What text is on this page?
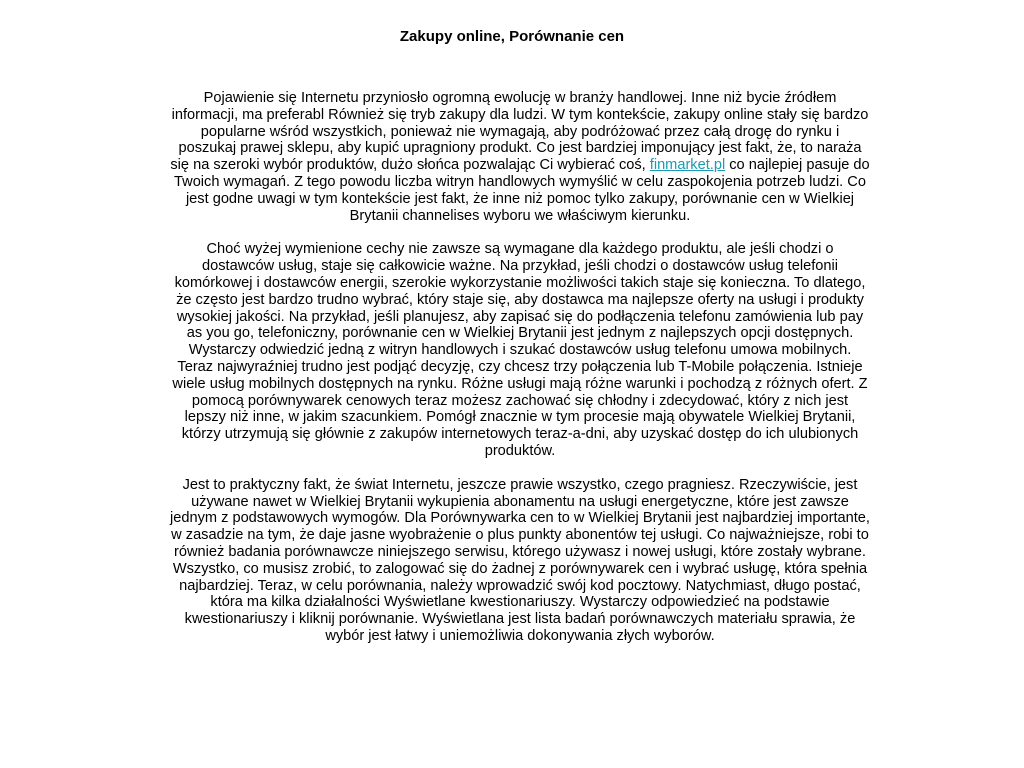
Zakupy online, Porównanie cen

Pojawienie się Internetu przyniosło ogromną ewolucję w branży handlowej. Inne niż bycie źródłem informacji, ma preferabl Również się tryb zakupy dla ludzi. W tym kontekście, zakupy online stały się bardzo popularne wśród wszystkich, ponieważ nie wymagają, aby podróżować przez całą drogę do rynku i poszukaj prawej sklepu, aby kupić upragniony produkt. Co jest bardziej imponujący jest fakt, że, to naraża się na szeroki wybór produktów, dużo słońca pozwalając Ci wybierać coś, finmarket.pl co najlepiej pasuje do Twoich wymagań. Z tego powodu liczba witryn handlowych wymyślić w celu zaspokojenia potrzeb ludzi. Co jest godne uwagi w tym kontekście jest fakt, że inne niż pomoc tylko zakupy, porównanie cen w Wielkiej Brytanii channelises wyboru we właściwym kierunku.

Choć wyżej wymienione cechy nie zawsze są wymagane dla każdego produktu, ale jeśli chodzi o dostawców usług, staje się całkowicie ważne. Na przykład, jeśli chodzi o dostawców usług telefonii komórkowej i dostawców energii, szerokie wykorzystanie możliwości takich staje się konieczna. To dlatego, że często jest bardzo trudno wybrać, który staje się, aby dostawca ma najlepsze oferty na usługi i produkty wysokiej jakości. Na przykład, jeśli planujesz, aby zapisać się do podłączenia telefonu zamówienia lub pay as you go, telefoniczny, porównanie cen w Wielkiej Brytanii jest jednym z najlepszych opcji dostępnych. Wystarczy odwiedzić jedną z witryn handlowych i szukać dostawców usług telefonu umowa mobilnych. Teraz najwyraźniej trudno jest podjąć decyzję, czy chcesz trzy połączenia lub T-Mobile połączenia. Istnieje wiele usług mobilnych dostępnych na rynku. Różne usługi mają różne warunki i pochodzą z różnych ofert. Z pomocą porównywarek cenowych teraz możesz zachować się chłodny i zdecydować, który z nich jest lepszy niż inne, w jakim szacunkiem. Pomógł znacznie w tym procesie mają obywatele Wielkiej Brytanii, którzy utrzymują się głównie z zakupów internetowych teraz-a-dni, aby uzyskać dostęp do ich ulubionych produktów.

Jest to praktyczny fakt, że świat Internetu, jeszcze prawie wszystko, czego pragniesz. Rzeczywiście, jest używane nawet w Wielkiej Brytanii wykupienia abonamentu na usługi energetyczne, które jest zawsze jednym z podstawowych wymogów. Dla Porównywarka cen to w Wielkiej Brytanii jest najbardziej importante, w zasadzie na tym, że daje jasne wyobrażenie o plus punkty abonentów tej usługi. Co najważniejsze, robi to również badania porównawcze niniejszego serwisu, którego używasz i nowej usługi, które zostały wybrane. Wszystko, co musisz zrobić, to zalogować się do żadnej z porównywarek cen i wybrać usługę, która spełnia najbardziej. Teraz, w celu porównania, należy wprowadzić swój kod pocztowy. Natychmiast, długo postać, która ma kilka działalności Wyświetlane kwestionariuszy. Wystarczy odpowiedzieć na podstawie kwestionariuszy i kliknij porównanie. Wyświetlana jest lista badań porównawczych materiału sprawia, że wybór jest łatwy i uniemożliwia dokonywania złych wyborów.
